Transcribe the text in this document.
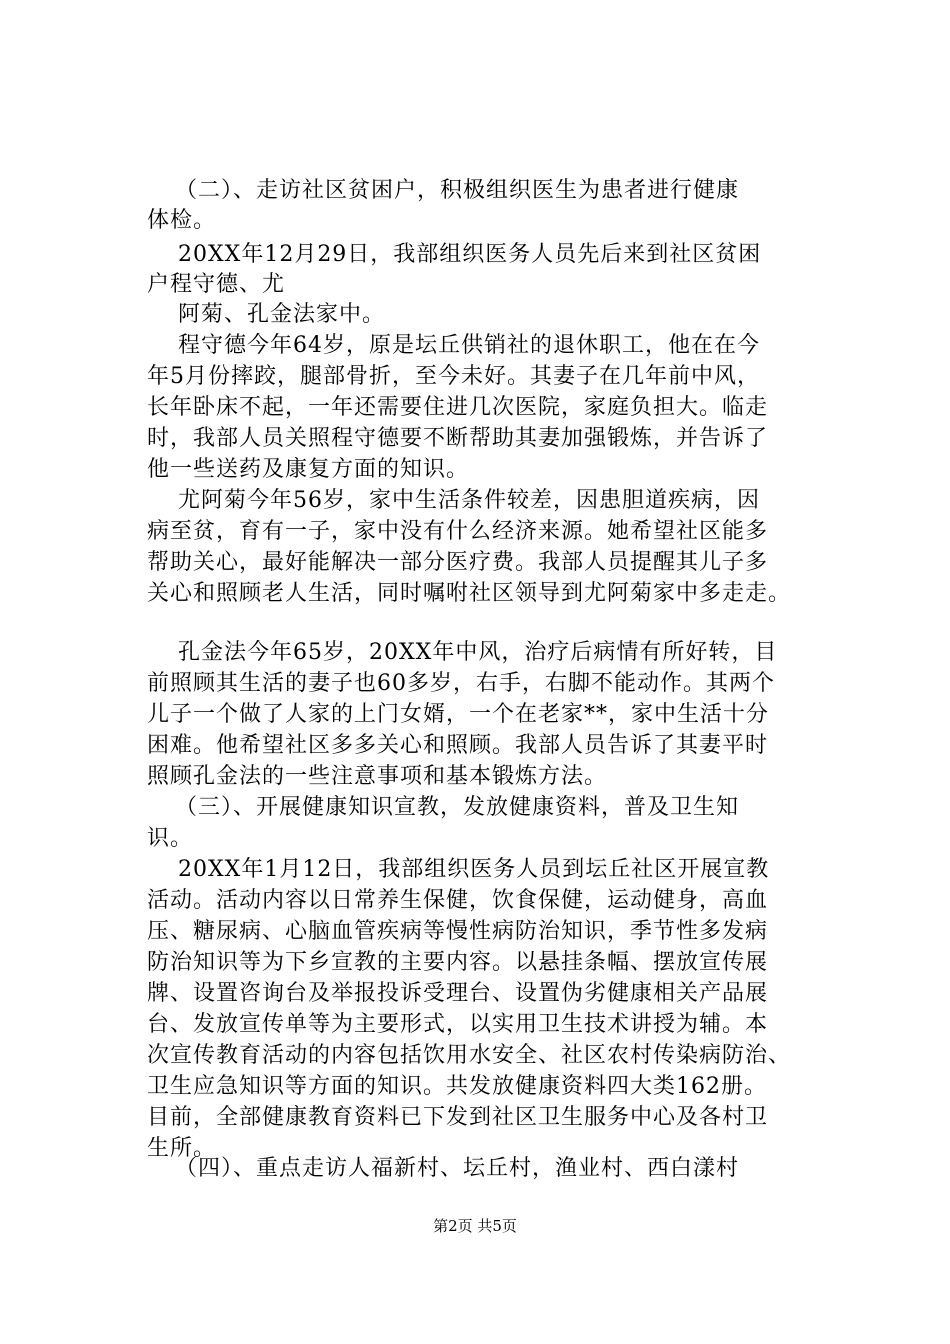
（二）、走访社区贫困户，积极组织医生为患者进行健康
体检。
20XX年12月29日，我部组织医务人员先后来到社区贫困
户程守德、尤
阿菊、孔金法家中。
程守德今年64岁，原是坛丘供销社的退休职工，他在在今
年5月份摔跤，腿部骨折，至今未好。其妻子在几年前中风，
长年卧床不起，一年还需要住进几次医院，家庭负担大。临走
时，我部人员关照程守德要不断帮助其妻加强锻炼，并告诉了
他一些送药及康复方面的知识。
尤阿菊今年56岁，家中生活条件较差，因患胆道疾病，因
病至贫，育有一子，家中没有什么经济来源。她希望社区能多
帮助关心，最好能解决一部分医疗费。我部人员提醒其儿子多
关心和照顾老人生活，同时嘱咐社区领导到尤阿菊家中多走走。
孔金法今年65岁，20XX年中风，治疗后病情有所好转，目
前照顾其生活的妻子也60多岁，右手，右脚不能动作。其两个
儿子一个做了人家的上门女婿，一个在老家**，家中生活十分
困难。他希望社区多多关心和照顾。我部人员告诉了其妻平时
照顾孔金法的一些注意事项和基本锻炼方法。
（三）、开展健康知识宣教，发放健康资料，普及卫生知
识。
20XX年1月12日，我部组织医务人员到坛丘社区开展宣教
活动。活动内容以日常养生保健，饮食保健，运动健身，高血
压、糖尿病、心脑血管疾病等慢性病防治知识，季节性多发病
防治知识等为下乡宣教的主要内容。以悬挂条幅、摆放宣传展
牌、设置咨询台及举报投诉受理台、设置伪劣健康相关产品展
台、发放宣传单等为主要形式，以实用卫生技术讲授为辅。本
次宣传教育活动的内容包括饮用水安全、社区农村传染病防治、
卫生应急知识等方面的知识。共发放健康资料四大类162册。
目前，全部健康教育资料已下发到社区卫生服务中心及各村卫
生所。
（四）、重点走访人福新村、坛丘村，渔业村、西白漾村
第2页 共5页
